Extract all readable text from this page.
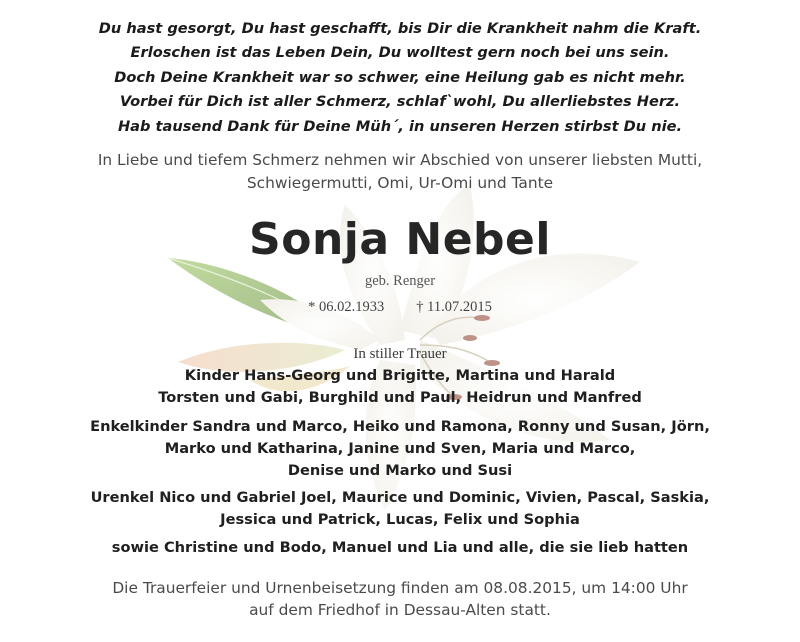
Du hast gesorgt, Du hast geschafft, bis Dir die Krankheit nahm die Kraft.
Erloschen ist das Leben Dein, Du wolltest gern noch bei uns sein.
Doch Deine Krankheit war so schwer, eine Heilung gab es nicht mehr.
Vorbei für Dich ist aller Schmerz, schlaf`wohl, Du allerliebstes Herz.
Hab tausend Dank für Deine Müh´, in unseren Herzen stirbst Du nie.
In Liebe und tiefem Schmerz nehmen wir Abschied von unserer liebsten Mutti,
Schwiegermutti, Omi, Ur-Omi und Tante
Sonja Nebel
geb. Renger
* 06.02.1933 † 11.07.2015
In stiller Trauer
Kinder Hans-Georg und Brigitte, Martina und Harald
Torsten und Gabi, Burghild und Paul, Heidrun und Manfred
Enkelkinder Sandra und Marco, Heiko und Ramona, Ronny und Susan, Jörn,
Marko und Katharina, Janine und Sven, Maria und Marco,
Denise und Marko und Susi
Urenkel Nico und Gabriel Joel, Maurice und Dominic, Vivien, Pascal, Saskia,
Jessica und Patrick, Lucas, Felix und Sophia
sowie Christine und Bodo, Manuel und Lia und alle, die sie lieb hatten
Die Trauerfeier und Urnenbeisetzung finden am 08.08.2015, um 14:00 Uhr
auf dem Friedhof in Dessau-Alten statt.
